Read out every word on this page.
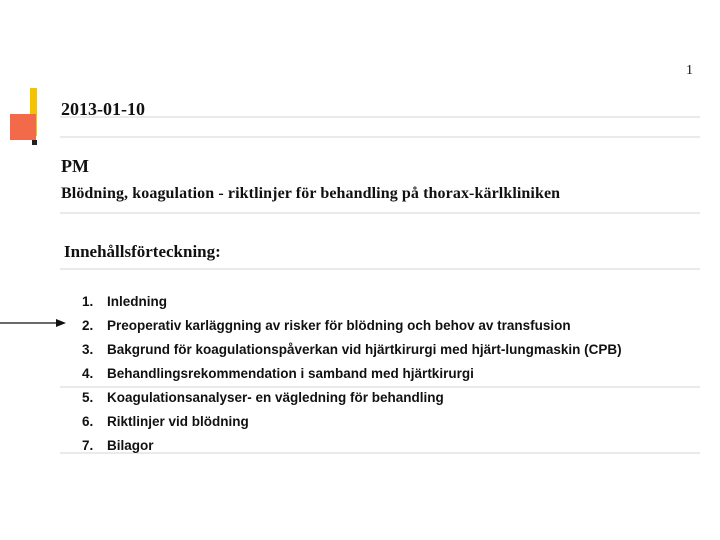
1
2013-01-10
PM
Blödning, koagulation - riktlinjer för behandling på thorax-kärlkliniken
Innehållsförteckning:
1. Inledning
2. Preoperativ karläggning av risker för blödning och behov av transfusion
3. Bakgrund för koagulationspåverkan vid hjärtkirurgi med hjärt-lungmaskin (CPB)
4. Behandlingsrekommendation i samband med hjärtkirurgi
5. Koagulationsanalyser- en vägledning för behandling
6. Riktlinjer vid blödning
7. Bilagor
